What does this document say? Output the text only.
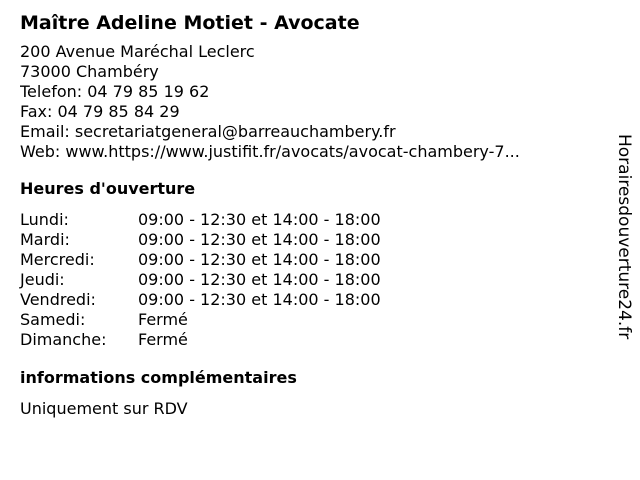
Maître Adeline Motiet - Avocate
200 Avenue Maréchal Leclerc
73000 Chambéry
Telefon: 04 79 85 19 62
Fax: 04 79 85 84 29
Email: secretariatgeneral@barreauchambery.fr
Web: www.https://www.justifit.fr/avocats/avocat-chambery-7...
Heures d'ouverture
Lundi:	09:00 - 12:30 et 14:00 - 18:00
Mardi:	09:00 - 12:30 et 14:00 - 18:00
Mercredi:	09:00 - 12:30 et 14:00 - 18:00
Jeudi:	09:00 - 12:30 et 14:00 - 18:00
Vendredi:	09:00 - 12:30 et 14:00 - 18:00
Samedi:	Fermé
Dimanche:	Fermé
informations complémentaires
Uniquement sur RDV
Horairesdouverture24.fr
